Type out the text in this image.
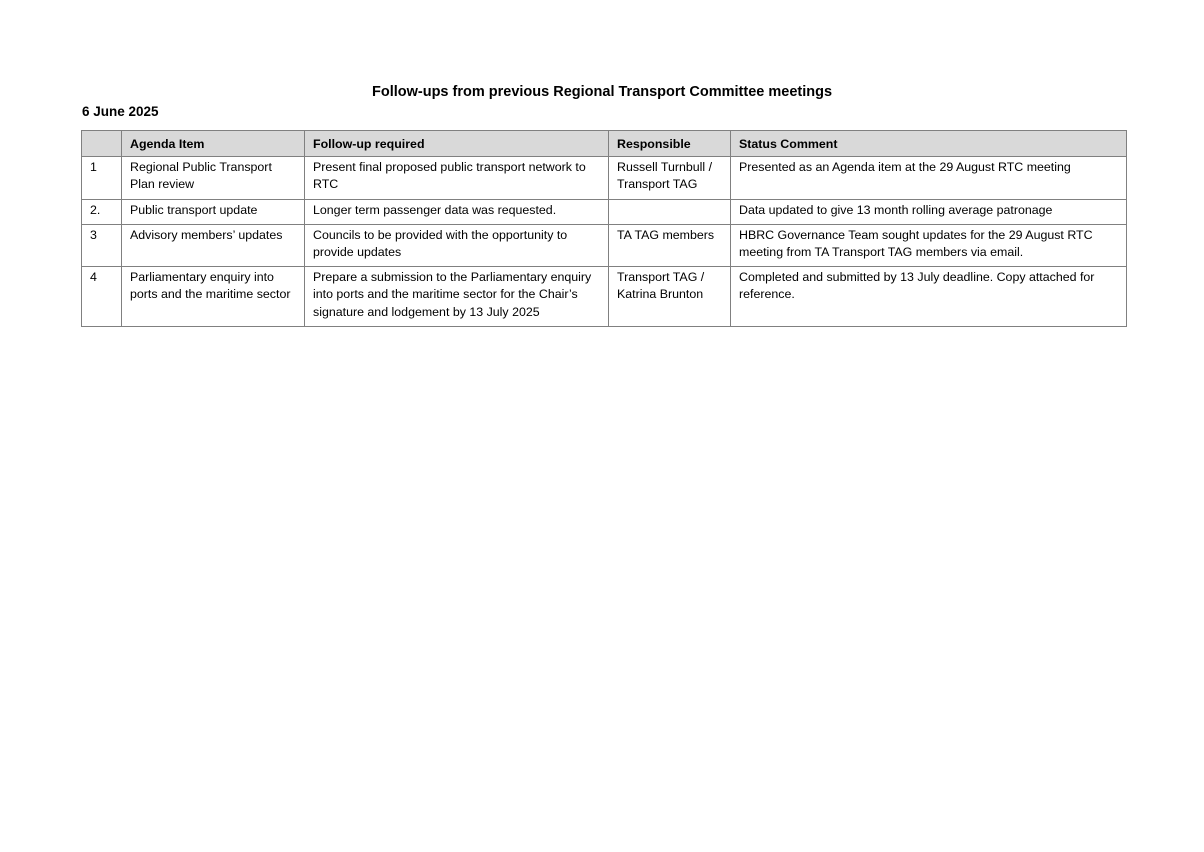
Follow-ups from previous Regional Transport Committee meetings
6 June 2025
	Agenda Item	Follow-up required	Responsible	Status Comment
1	Regional Public Transport Plan review	Present final proposed public transport network to RTC	Russell Turnbull / Transport TAG	Presented as an Agenda item at the 29 August RTC meeting
2.	Public transport update	Longer term passenger data was requested.		Data updated to give 13 month rolling average patronage
3	Advisory members’ updates	Councils to be provided with the opportunity to provide updates	TA TAG members	HBRC Governance Team sought updates for the 29 August RTC meeting from TA Transport TAG members via email.
4	Parliamentary enquiry into ports and the maritime sector	Prepare a submission to the Parliamentary enquiry into ports and the maritime sector for the Chair’s signature and lodgement by 13 July 2025	Transport TAG / Katrina Brunton	Completed and submitted by 13 July deadline. Copy attached for reference.
